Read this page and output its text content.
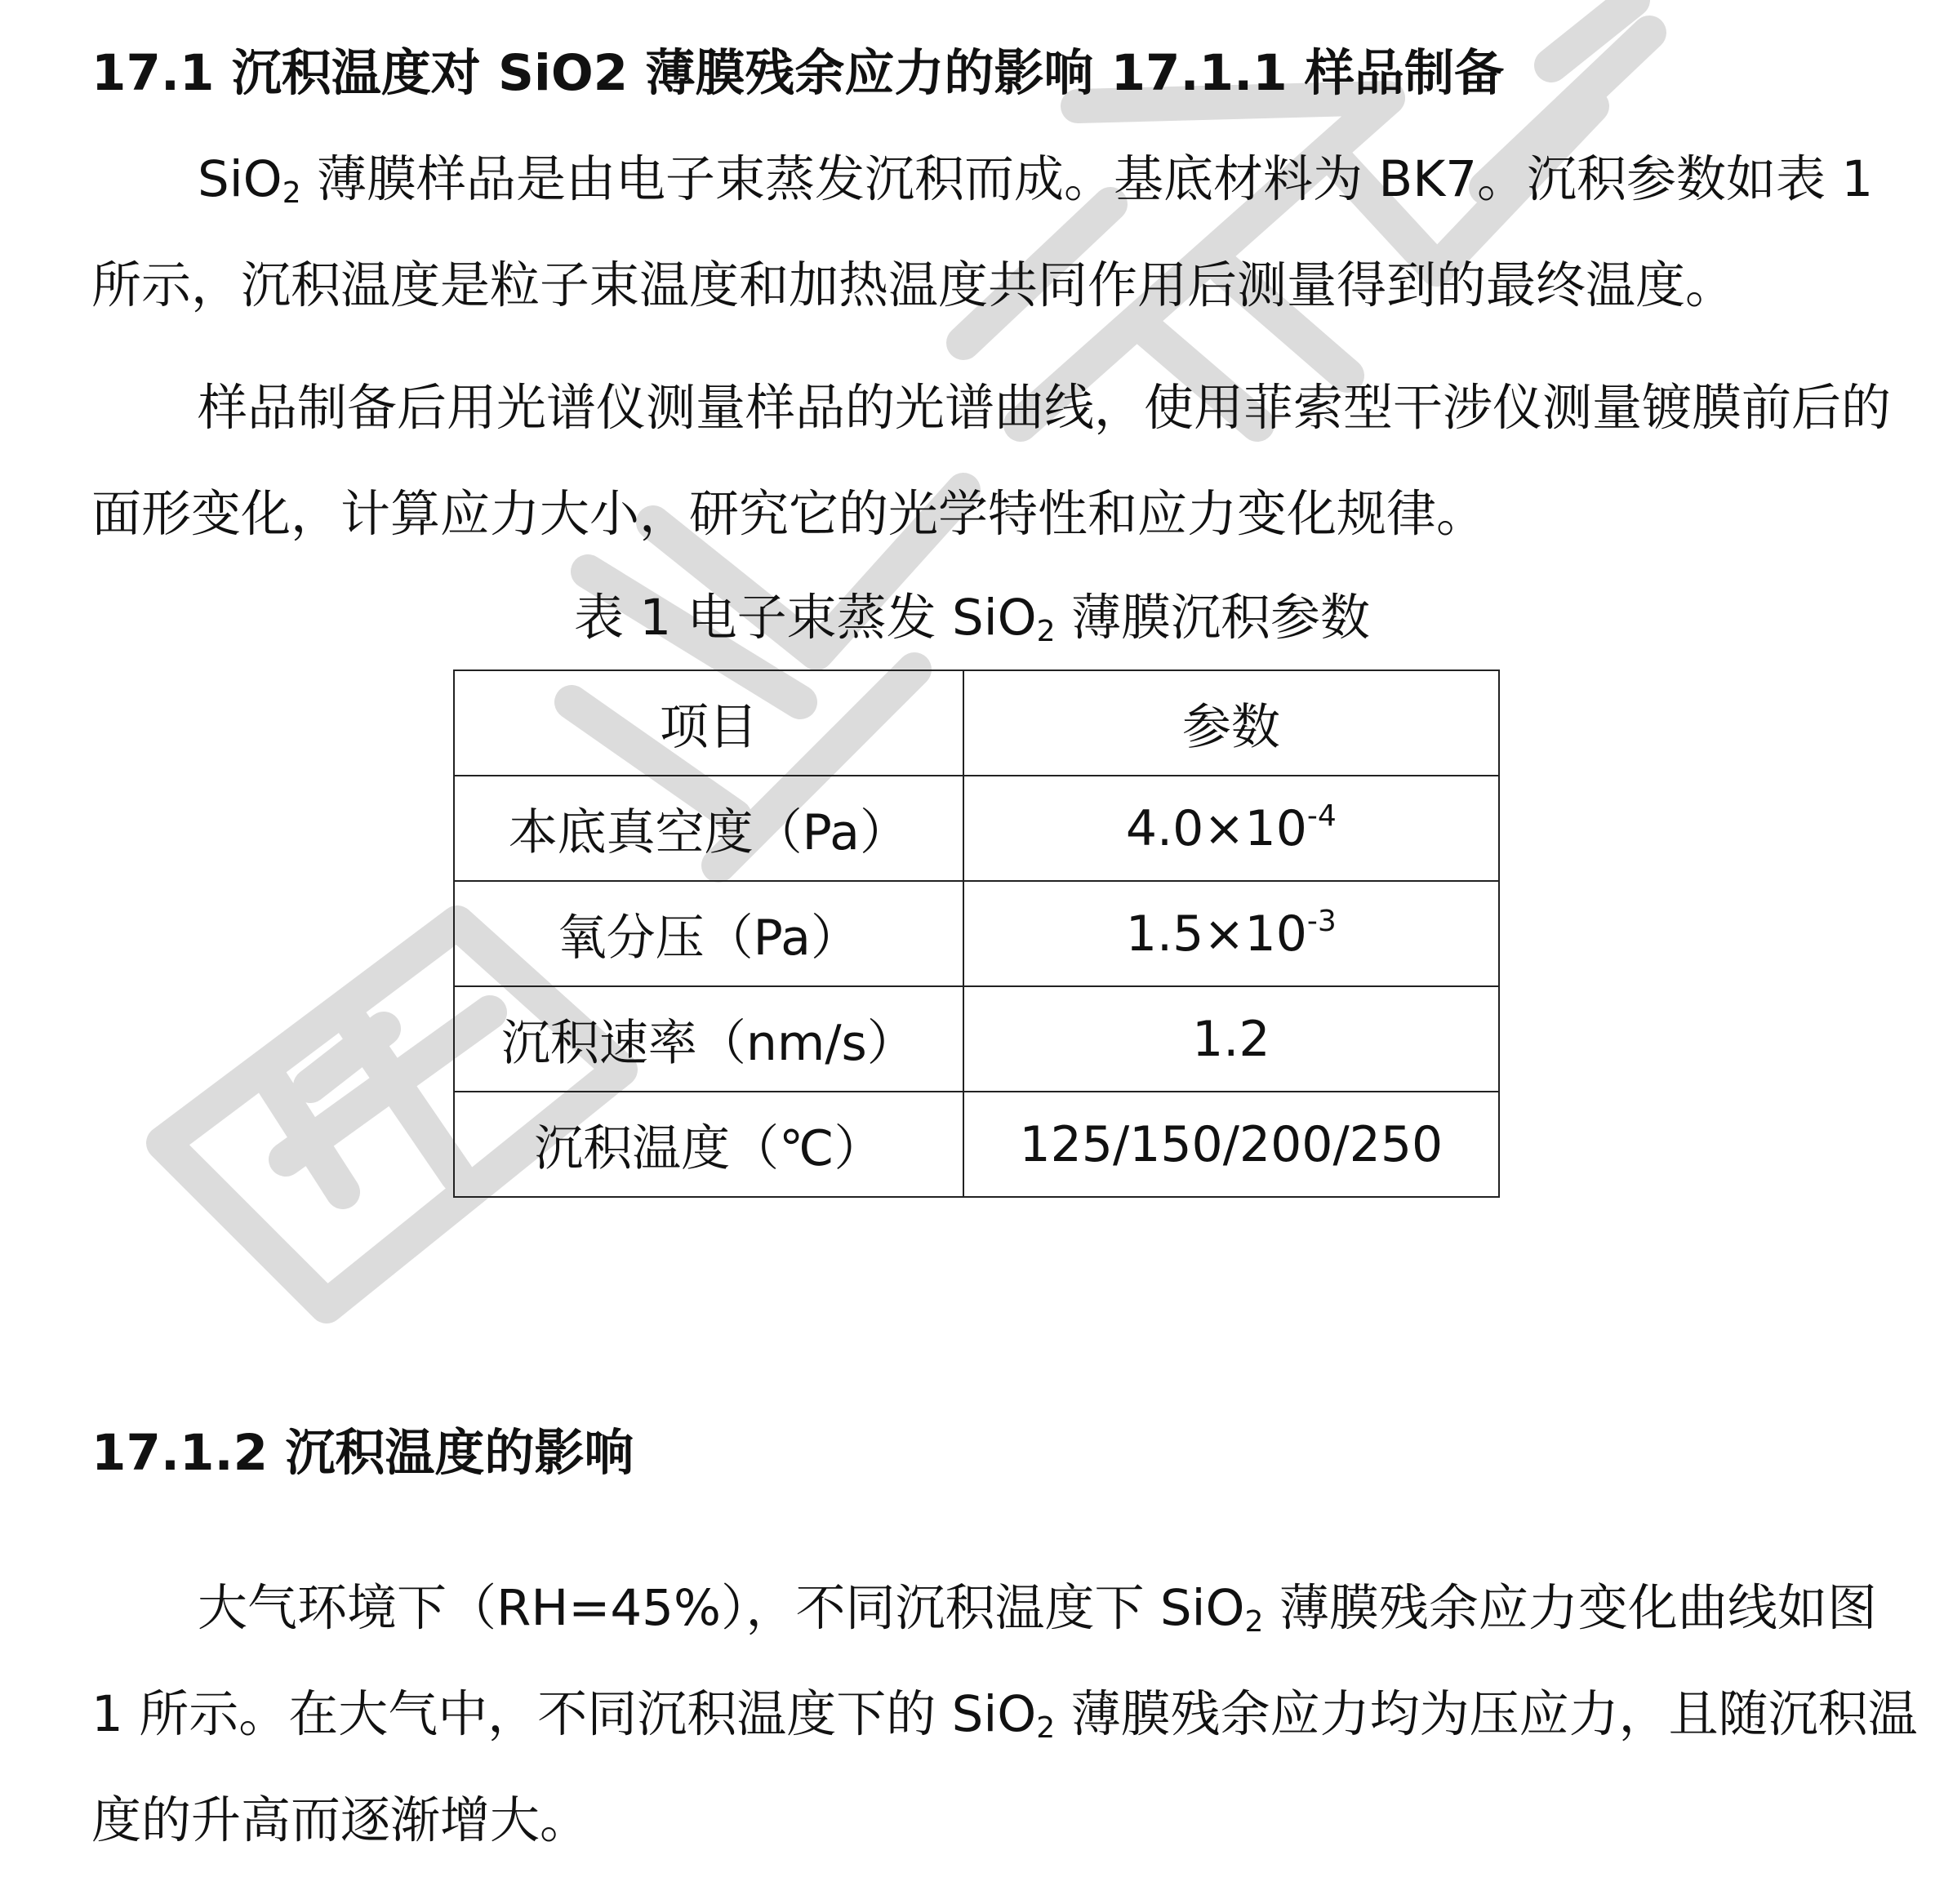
17.1 沉积温度对 SiO2 薄膜残余应力的影响 17.1.1 样品制备

SiO$_2$ 薄膜样品是由电子束蒸发沉积而成。基底材料为 BK7。沉积参数如表 1 所示，沉积温度是粒子束温度和加热温度共同作用后测量得到的最终温度。

样品制备后用光谱仪测量样品的光谱曲线，使用菲索型干涉仪测量镀膜前后的面形变化，计算应力大小，研究它的光学特性和应力变化规律。

表 1 电子束蒸发 SiO$_2$ 薄膜沉积参数

项目	参数
本底真空度（Pa）	$4.0\times 10^{-4}$
氧分压（Pa）	$1.5\times 10^{-3}$
沉积速率（nm/s）	1.2
沉积温度（℃）	125/150/200/250
17.1.2 沉积温度的影响

大气环境下（RH=45%），不同沉积温度下 SiO$_2$ 薄膜残余应力变化曲线如图 1 所示。在大气中，不同沉积温度下的 SiO$_2$ 薄膜残余应力均为压应力，且随沉积温度的升高而逐渐增大。
